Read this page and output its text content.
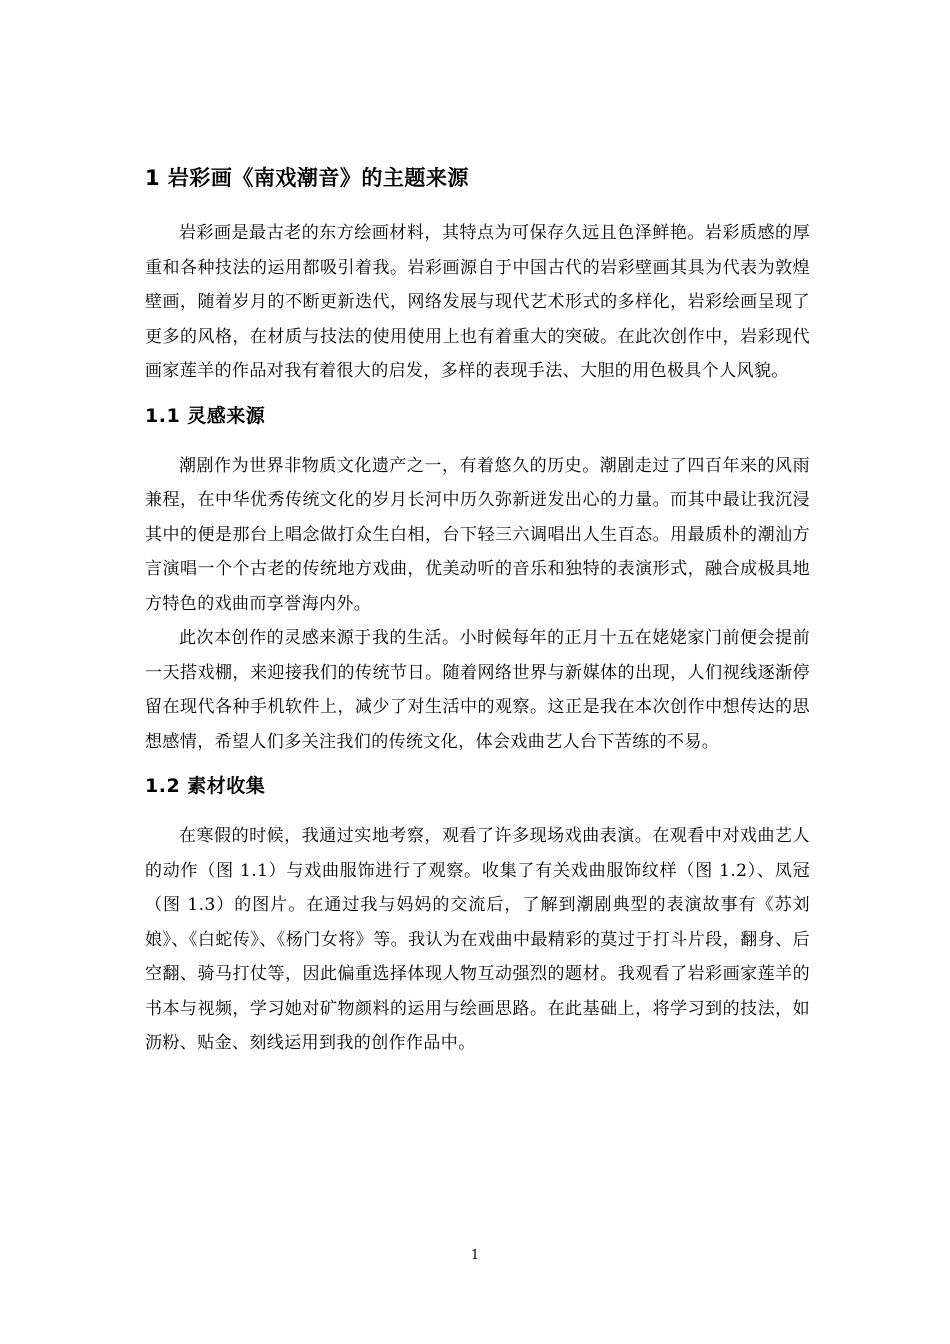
1 岩彩画《南戏潮音》的主题来源

岩彩画是最古老的东方绘画材料，其特点为可保存久远且色泽鲜艳。岩彩质感的厚重和各种技法的运用都吸引着我。岩彩画源自于中国古代的岩彩壁画其具为代表为敦煌壁画，随着岁月的不断更新迭代，网络发展与现代艺术形式的多样化，岩彩绘画呈现了更多的风格，在材质与技法的使用使用上也有着重大的突破。在此次创作中，岩彩现代画家莲羊的作品对我有着很大的启发，多样的表现手法、大胆的用色极具个人风貌。

1.1 灵感来源

潮剧作为世界非物质文化遗产之一，有着悠久的历史。潮剧走过了四百年来的风雨兼程，在中华优秀传统文化的岁月长河中历久弥新迸发出心的力量。而其中最让我沉浸其中的便是那台上唱念做打众生白相，台下轻三六调唱出人生百态。用最质朴的潮汕方言演唱一个个古老的传统地方戏曲，优美动听的音乐和独特的表演形式，融合成极具地方特色的戏曲而享誉海内外。

此次本创作的灵感来源于我的生活。小时候每年的正月十五在姥姥家门前便会提前一天搭戏棚，来迎接我们的传统节日。随着网络世界与新媒体的出现，人们视线逐渐停留在现代各种手机软件上，减少了对生活中的观察。这正是我在本次创作中想传达的思想感情，希望人们多关注我们的传统文化，体会戏曲艺人台下苦练的不易。

1.2 素材收集

在寒假的时候，我通过实地考察，观看了许多现场戏曲表演。在观看中对戏曲艺人的动作（图 1.1）与戏曲服饰进行了观察。收集了有关戏曲服饰纹样（图 1.2）、凤冠（图 1.3）的图片。在通过我与妈妈的交流后，了解到潮剧典型的表演故事有《苏刘娘》、《白蛇传》、《杨门女将》等。我认为在戏曲中最精彩的莫过于打斗片段，翻身、后空翻、骑马打仗等，因此偏重选择体现人物互动强烈的题材。我观看了岩彩画家莲羊的书本与视频，学习她对矿物颜料的运用与绘画思路。在此基础上，将学习到的技法，如沥粉、贴金、刻线运用到我的创作作品中。

1
